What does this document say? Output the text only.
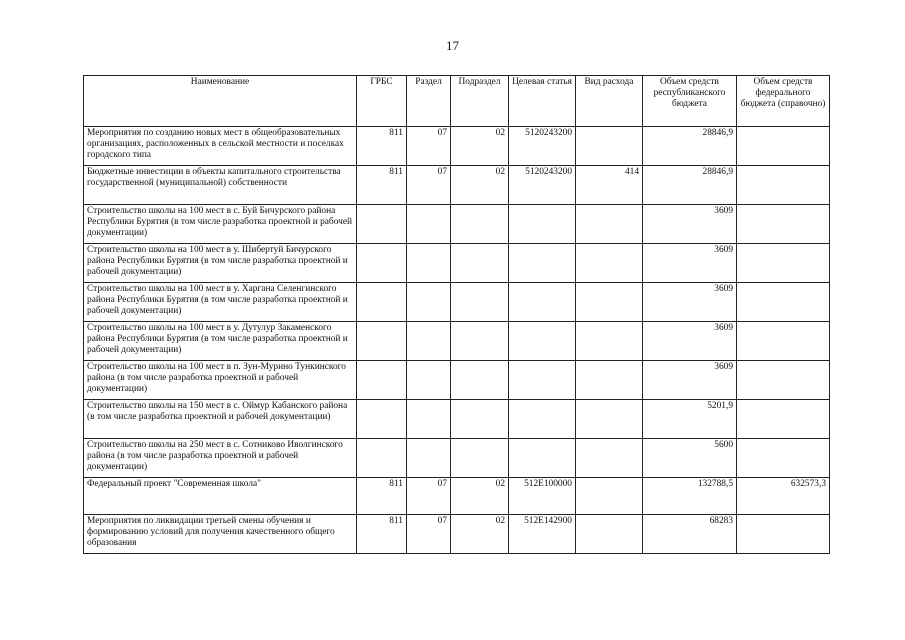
17
Наименование	ГРБС	Раздел	Подраздел	Целевая статья	Вид расхода	Объем средств республиканского бюджета	Объем средств федерального бюджета (справочно)
Мероприятия по созданию новых мест в общеобразовательных организациях, расположенных в сельской местности и поселках городского типа	811	07	02	5120243200		28846,9	
Бюджетные инвестиции в объекты капитального строительства государственной (муниципальной) собственности	811	07	02	5120243200	414	28846,9	
Строительство школы на 100 мест в с. Буй Бичурского района Республики Бурятия (в том числе разработка проектной и рабочей документации)						3609	
Строительство школы на 100 мест в у. Шибертуй Бичурского района Республики Бурятия (в том числе разработка проектной и рабочей документации)						3609	
Строительство школы на 100 мест в у. Харгана Селенгинского района Республики Бурятия (в том числе разработка проектной и рабочей документации)						3609	
Строительство школы на 100 мест в у. Дутулур Закаменского района Республики Бурятия (в том числе разработка проектной и рабочей документации)						3609	
Строительство школы на 100 мест в п. Зун-Мурино Тункинского района (в том числе разработка проектной и рабочей документации)						3609	
Строительство школы на 150 мест в с. Оймур Кабанского района (в том числе разработка проектной и рабочей документации)						5201,9	
Строительство школы на 250 мест в с. Сотниково Иволгинского района (в том числе разработка проектной и рабочей документации)						5600	
Федеральный проект "Современная школа"	811	07	02	512E100000		132788,5	632573,3
Мероприятия по ликвидации третьей смены обучения и формированию условий для получения качественного общего образования	811	07	02	512E142900		68283	
